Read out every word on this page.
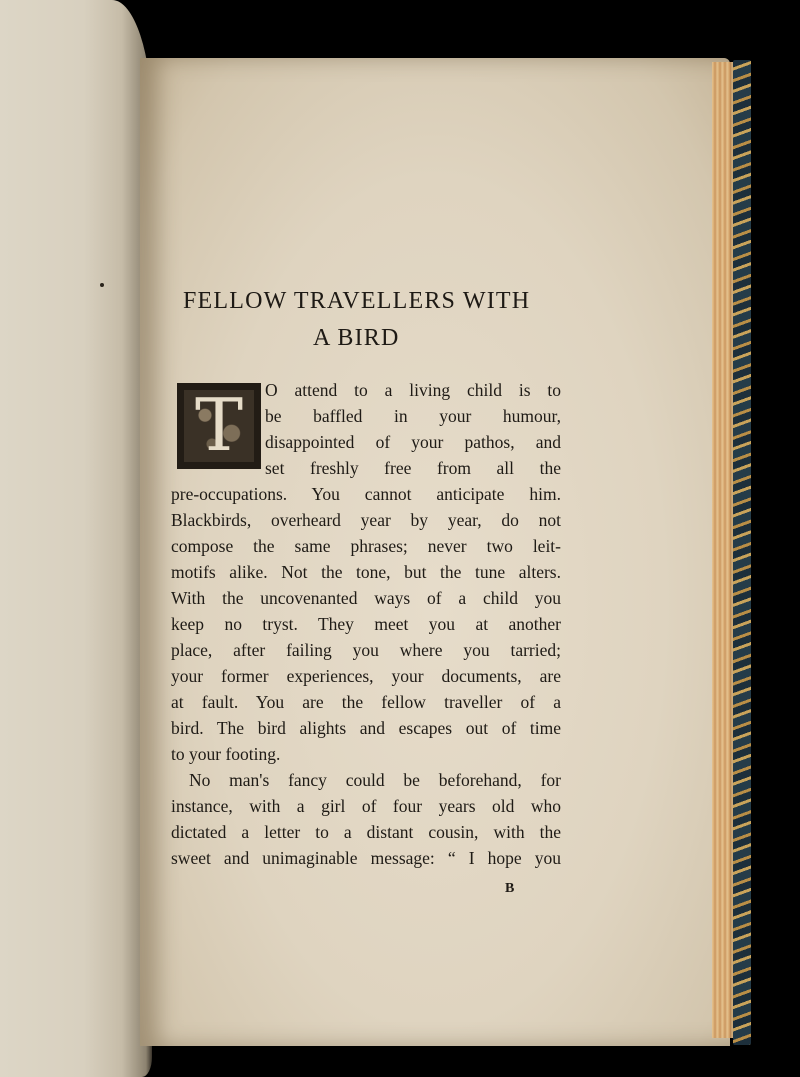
FELLOW TRAVELLERS WITH
A BIRD
T	O attend to a living child is to
be baffled in your humour,
disappointed of your pathos, and
set freshly free from all the
pre-occupations. You cannot anticipate him.
Blackbirds, overheard year by year, do not
compose the same phrases; never two leit-
motifs alike. Not the tone, but the tune alters.
With the uncovenanted ways of a child you
keep no tryst. They meet you at another
place, after failing you where you tarried;
your former experiences, your documents, are
at fault. You are the fellow traveller of a
bird. The bird alights and escapes out of time
to your footing.
No man's fancy could be beforehand, for
instance, with a girl of four years old who
dictated a letter to a distant cousin, with the
sweet and unimaginable message: “ I hope you
B
